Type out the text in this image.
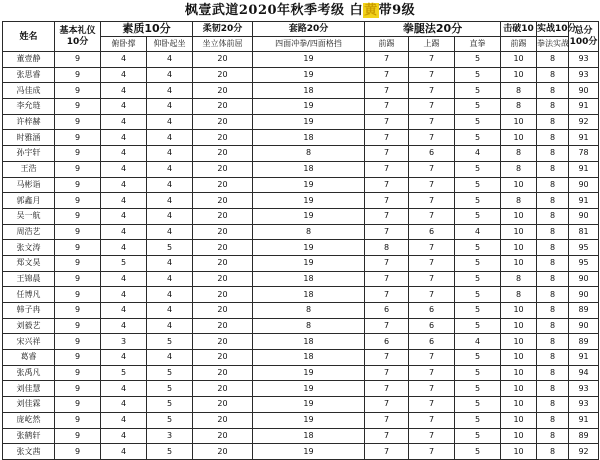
枫壹武道2020年秋季考级 白黄带9级
姓名	基本礼仪10分	素质10分		柔韧20分	套路20分	拳腿法20分			击破10	实战10分	总分100分
		俯卧撑	仰卧起坐	坐立体前屈	四面冲拳/四面格挡	前踢	上踢	直拳	前踢	拳法实战	
董壹静	9	4	4	20	19	7	7	5	10	8	93
张思睿	9	4	4	20	19	7	7	5	10	8	93
冯佳成	9	4	4	20	18	7	7	5	8	8	90
李允琏	9	4	4	20	19	7	7	5	8	8	91
许梓赫	9	4	4	20	19	7	7	5	10	8	92
时雅涵	9	4	4	20	18	7	7	5	10	8	91
孙宇轩	9	4	4	20	8	7	6	4	8	8	78
王浩	9	4	4	20	18	7	7	5	8	8	91
马彬诣	9	4	4	20	19	7	7	5	10	8	90
郭鑫月	9	4	4	20	19	7	7	5	8	8	91
吴一航	9	4	4	20	19	7	7	5	10	8	90
周浩艺	9	4	4	20	8	7	6	4	10	8	81
张文涛	9	4	5	20	19	8	7	5	10	8	95
郑文昊	9	5	4	20	19	7	7	5	10	8	95
王锦晨	9	4	4	20	18	7	7	5	8	8	90
任博凡	9	4	4	20	18	7	7	5	8	8	90
韩子冉	9	4	4	20	8	6	6	5	10	8	89
刘毅艺	9	4	4	20	8	7	6	5	10	8	90
宋兴祥	9	3	5	20	18	6	6	4	10	8	89
葛睿	9	4	4	20	18	7	7	5	10	8	91
张禹凡	9	5	5	20	19	7	7	5	10	8	94
刘佳慧	9	4	5	20	19	7	7	5	10	8	93
刘佳霖	9	4	5	20	19	7	7	5	10	8	93
庞屹然	9	4	5	20	19	7	7	5	10	8	91
张鹤轩	9	4	3	20	18	7	7	5	10	8	89
张文茜	9	4	5	20	19	7	7	5	10	8	92
